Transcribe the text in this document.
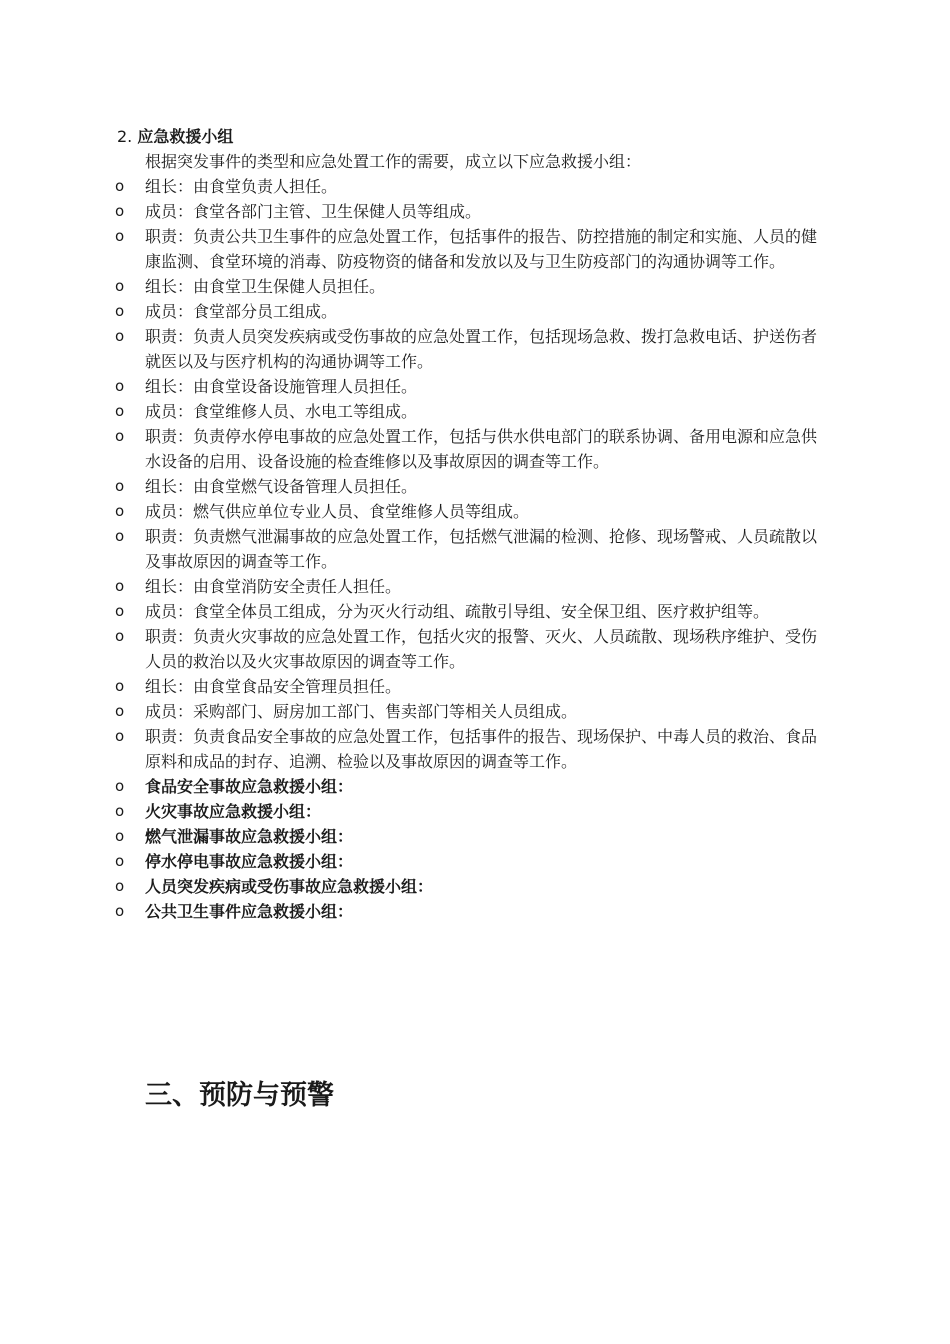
2. 应急救援小组
根据突发事件的类型和应急处置工作的需要，成立以下应急救援小组：
o 组长：由食堂负责人担任。
o 成员：食堂各部门主管、卫生保健人员等组成。
o 职责：负责公共卫生事件的应急处置工作，包括事件的报告、防控措施的制定和实施、人员的健康监测、食堂环境的消毒、防疫物资的储备和发放以及与卫生防疫部门的沟通协调等工作。
o 组长：由食堂卫生保健人员担任。
o 成员：食堂部分员工组成。
o 职责：负责人员突发疾病或受伤事故的应急处置工作，包括现场急救、拨打急救电话、护送伤者就医以及与医疗机构的沟通协调等工作。
o 组长：由食堂设备设施管理人员担任。
o 成员：食堂维修人员、水电工等组成。
o 职责：负责停水停电事故的应急处置工作，包括与供水供电部门的联系协调、备用电源和应急供水设备的启用、设备设施的检查维修以及事故原因的调查等工作。
o 组长：由食堂燃气设备管理人员担任。
o 成员：燃气供应单位专业人员、食堂维修人员等组成。
o 职责：负责燃气泄漏事故的应急处置工作，包括燃气泄漏的检测、抢修、现场警戒、人员疏散以及事故原因的调查等工作。
o 组长：由食堂消防安全责任人担任。
o 成员：食堂全体员工组成，分为灭火行动组、疏散引导组、安全保卫组、医疗救护组等。
o 职责：负责火灾事故的应急处置工作，包括火灾的报警、灭火、人员疏散、现场秩序维护、受伤人员的救治以及火灾事故原因的调查等工作。
o 组长：由食堂食品安全管理员担任。
o 成员：采购部门、厨房加工部门、售卖部门等相关人员组成。
o 职责：负责食品安全事故的应急处置工作，包括事件的报告、现场保护、中毒人员的救治、食品原料和成品的封存、追溯、检验以及事故原因的调查等工作。
o 食品安全事故应急救援小组：
o 火灾事故应急救援小组：
o 燃气泄漏事故应急救援小组：
o 停水停电事故应急救援小组：
o 人员突发疾病或受伤事故应急救援小组：
o 公共卫生事件应急救援小组：
三、预防与预警
